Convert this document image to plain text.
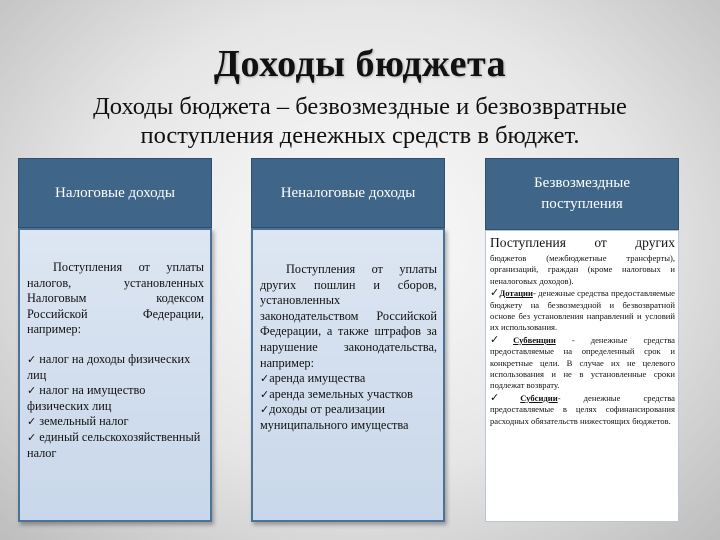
Доходы бюджета
Доходы бюджета – безвозмездные и безвозвратные
поступления денежных средств в бюджет.
Налоговые доходы

Поступления от уплаты

налогов, установленных

Налоговым кодексом

Российской Федерации,

например:

✓ налог на доходы физических лиц

✓ налог на имущество физических лиц

✓ земельный налог

✓ единый сельскохозяйственный налог

Неналоговые доходы

Поступления от уплаты других пошлин и сборов, установленных законодательством Российской Федерации, а также штрафов за нарушение законодательства, например:

✓аренда имущества

✓аренда земельных участков

✓доходы от реализации муниципального имущества

Безвозмездные поступления

Поступления от других

бюджетов (межбюджетные трансферты), организаций, граждан (кроме налоговых и неналоговых доходов).

✓Дотации- денежные средства предоставляемые бюджету на безвозмездной и безвозвратной основе без установления направлений и условий их использования.

✓Субвенции - денежные средства предоставляемые на определенный срок и конкретные цели. В случае их не целевого использования и не в установленные сроки подлежат возврату.

✓Субсидии- денежные средства предоставляемые в целях софинансирования расходных обязательств нижестоящих бюджетов.
